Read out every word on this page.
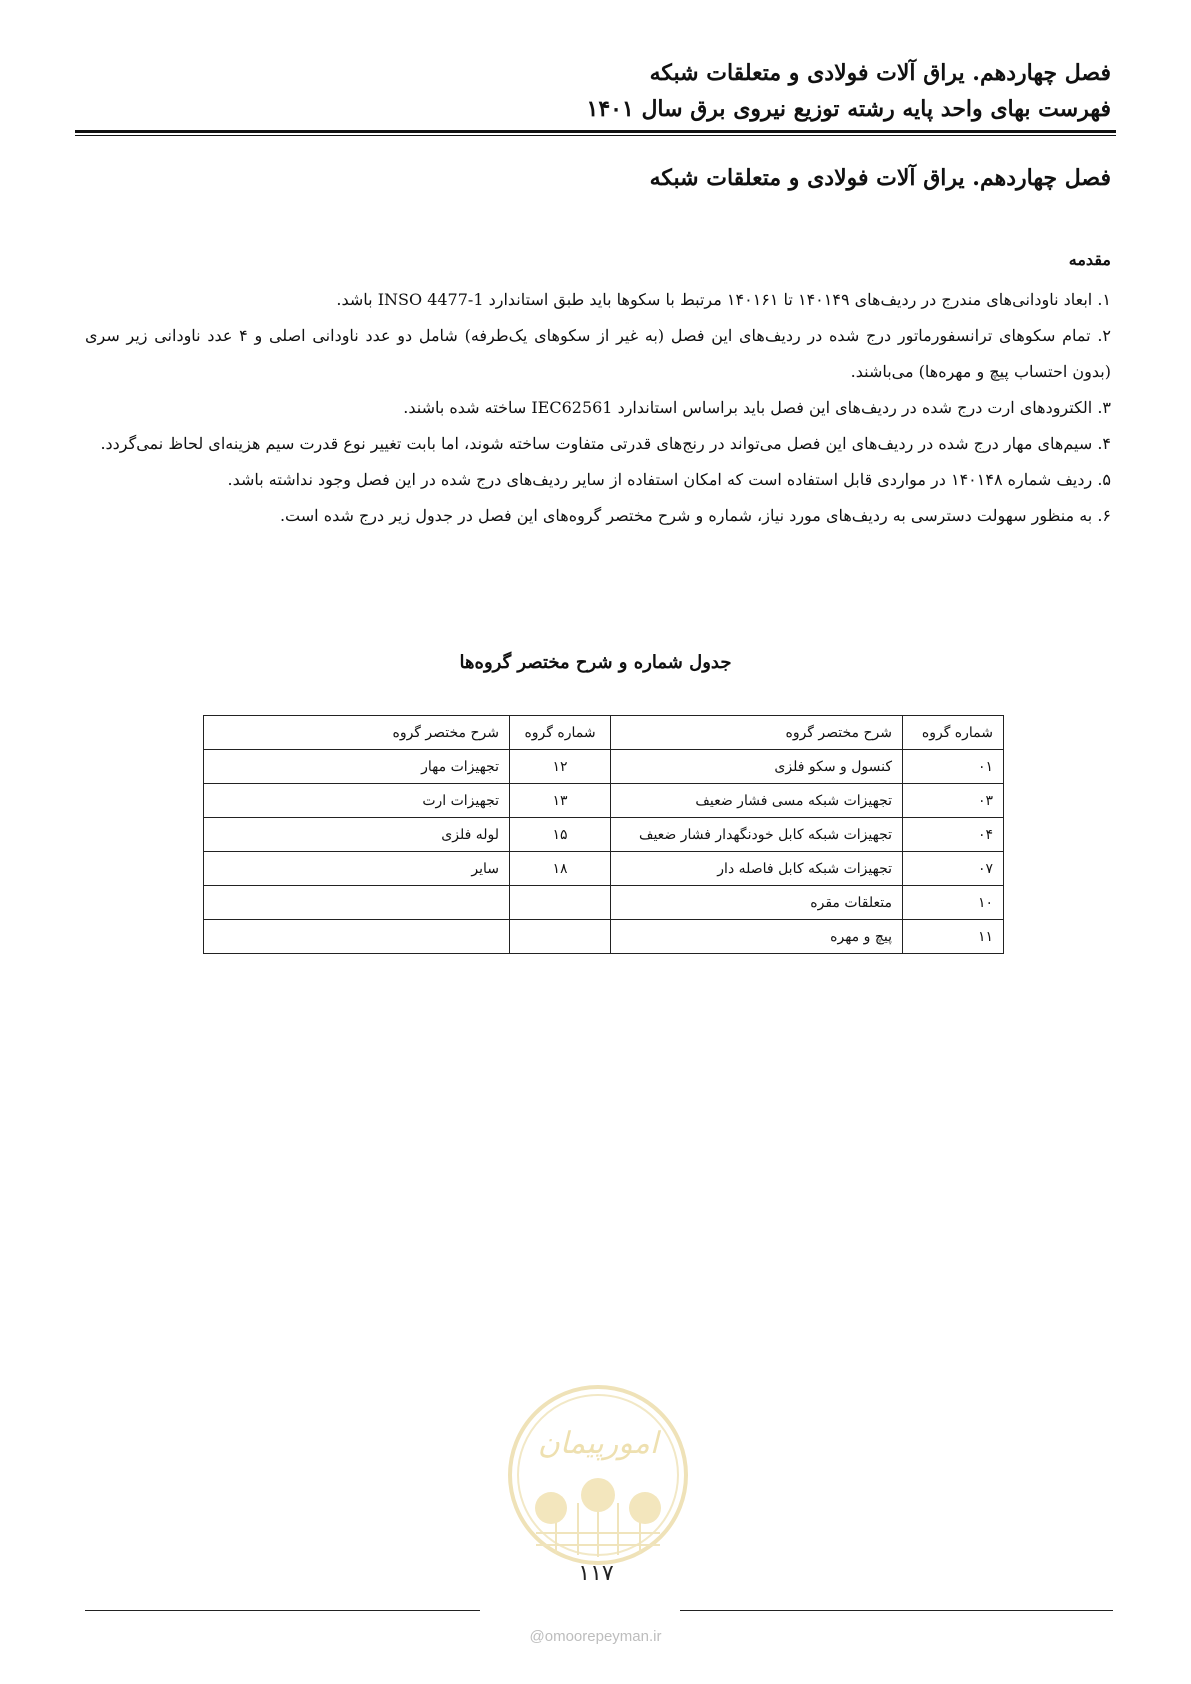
فصل چهاردهم. یراق آلات فولادی و متعلقات شبکه
فهرست بهای واحد پایه رشته توزیع نیروی برق سال ۱۴۰۱
فصل چهاردهم. یراق آلات فولادی و متعلقات شبکه
مقدمه

۱. ابعاد ناودانی‌های مندرج در ردیف‌های ۱۴۰۱۴۹ تا ۱۴۰۱۶۱ مرتبط با سکوها باید طبق استاندارد INSO 4477-1 باشد.

۲. تمام سکوهای ترانسفورماتور درج شده در ردیف‌های این فصل (به غیر از سکوهای یک‌طرفه) شامل دو عدد ناودانی اصلی و ۴ عدد ناودانی زیر سری (بدون احتساب پیچ و مهره‌ها) می‌باشند.

۳. الکترودهای ارت درج شده در ردیف‌های این فصل باید براساس استاندارد IEC62561 ساخته شده باشند.

۴. سیم‌های مهار درج شده در ردیف‌های این فصل می‌تواند در رنج‌های قدرتی متفاوت ساخته شوند، اما بابت تغییر نوع قدرت سیم هزینه‌ای لحاظ نمی‌گردد.

۵. ردیف شماره ۱۴۰۱۴۸ در مواردی قابل استفاده است که امکان استفاده از سایر ردیف‌های درج شده در این فصل وجود نداشته باشد.

۶. به منظور سهولت دسترسی به ردیف‌های مورد نیاز، شماره و شرح مختصر گروه‌های این فصل در جدول زیر درج شده است.

جدول شماره و شرح مختصر گروه‌ها
شماره گروه	شرح مختصر گروه	شماره گروه	شرح مختصر گروه
۰۱	کنسول و سکو فلزی	۱۲	تجهیزات مهار
۰۳	تجهیزات شبکه مسی فشار ضعیف	۱۳	تجهیزات ارت
۰۴	تجهیزات شبکه کابل خودنگهدار فشار ضعیف	۱۵	لوله فلزی
۰۷	تجهیزات شبکه کابل فاصله دار	۱۸	سایر
۱۰	متعلقات مقره		
۱۱	پیچ و مهره		
امورپیمان
۱۱۷
@omoorepeyman.ir
